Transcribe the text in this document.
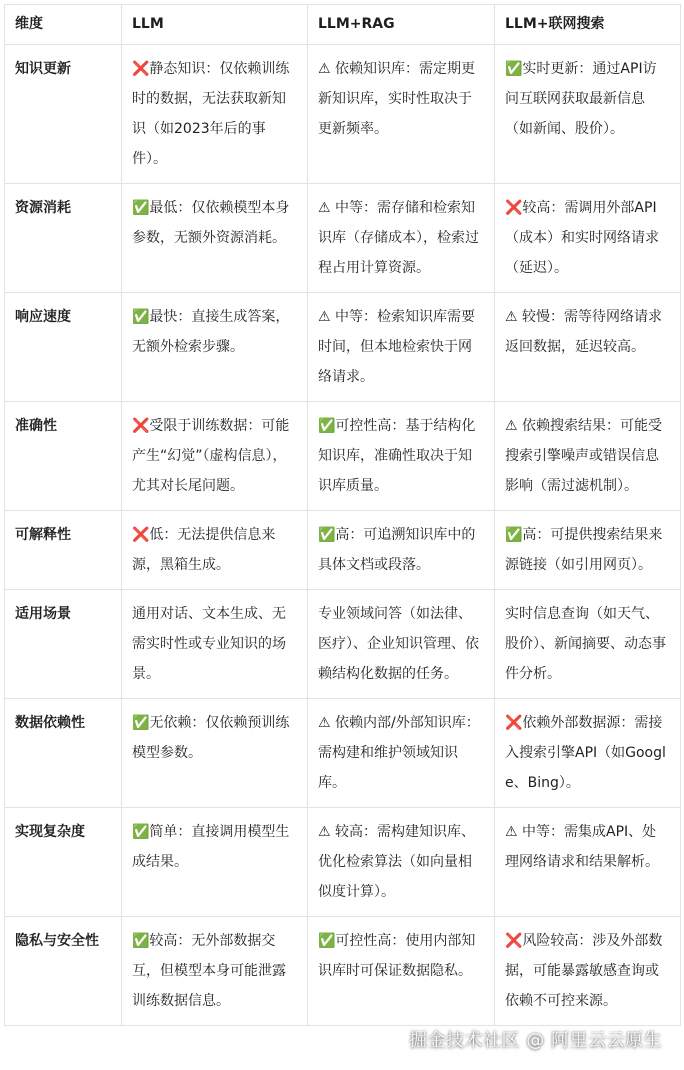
维度	LLM	LLM+RAG	LLM+联网搜索
知识更新	❌静态知识：仅依赖训练时的数据，无法获取新知识（如2023年后的事件）。	⚠ 依赖知识库：需定期更新知识库，实时性取决于更新频率。	✅实时更新：通过API访问互联网获取最新信息（如新闻、股价）。
资源消耗	✅最低：仅依赖模型本身参数，无额外资源消耗。	⚠ 中等：需存储和检索知识库（存储成本），检索过程占用计算资源。	❌较高：需调用外部API（成本）和实时网络请求（延迟）。
响应速度	✅最快：直接生成答案，无额外检索步骤。	⚠ 中等：检索知识库需要时间，但本地检索快于网络请求。	⚠ 较慢：需等待网络请求返回数据，延迟较高。
准确性	❌受限于训练数据：可能产生“幻觉”（虚构信息），尤其对长尾问题。	✅可控性高：基于结构化知识库，准确性取决于知识库质量。	⚠ 依赖搜索结果：可能受搜索引擎噪声或错误信息影响（需过滤机制）。
可解释性	❌低：无法提供信息来源，黑箱生成。	✅高：可追溯知识库中的具体文档或段落。	✅高：可提供搜索结果来源链接（如引用网页）。
适用场景	通用对话、文本生成、无需实时性或专业知识的场景。	专业领域问答（如法律、医疗）、企业知识管理、依赖结构化数据的任务。	实时信息查询（如天气、股价）、新闻摘要、动态事件分析。
数据依赖性	✅无依赖：仅依赖预训练模型参数。	⚠ 依赖内部/外部知识库：需构建和维护领域知识库。	❌依赖外部数据源：需接入搜索引擎API（如Google、Bing）。
实现复杂度	✅简单：直接调用模型生成结果。	⚠ 较高：需构建知识库、优化检索算法（如向量相似度计算）。	⚠ 中等：需集成API、处理网络请求和结果解析。
隐私与安全性	✅较高：无外部数据交互，但模型本身可能泄露训练数据信息。	✅可控性高：使用内部知识库时可保证数据隐私。	❌风险较高：涉及外部数据，可能暴露敏感查询或依赖不可控来源。
掘金技术社区 @ 阿里云云原生
